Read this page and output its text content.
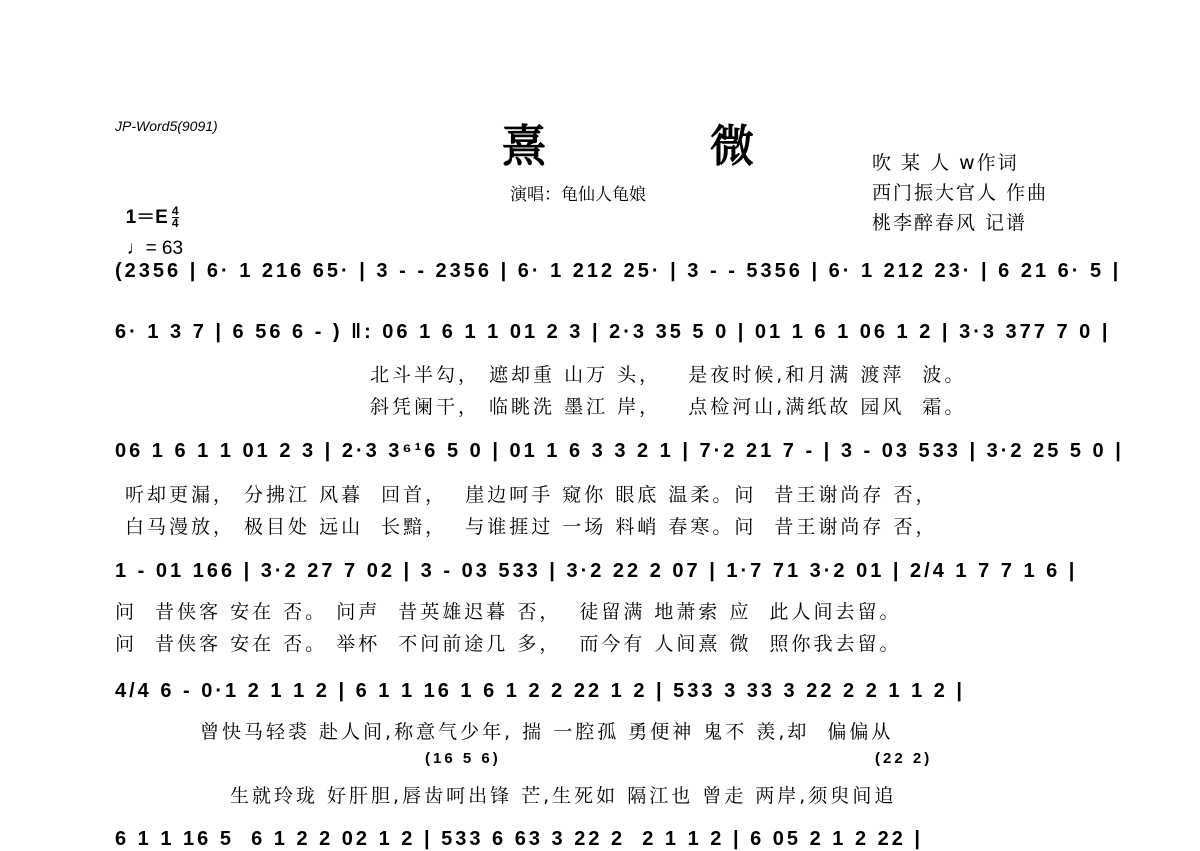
JP-Word5(9091)	熹　微
演唱：龟仙人龟娘
吹 某 人 w作词
西门振大官人 作曲
桃李醉春风 记谱

$1=E \frac{4}{4}$

♩= 63

(2356 | 6· 1 216 65· | 3 - - 2356 | 6· 1 212 25· | 3 - - 5356 | 6· 1 212 23· | 6 21 6· 5 |
6· 1 3 7 | 6 56 6 - ) ‖: 06 1 6 1 1 01 2 3 | 2·3 35 5 0 | 01 1 6 1 06 1 2 | 3·3 377 7 0 |
北斗半勾， 遮却重 山万 头，   是夜时候,和月满 渡萍  波。
斜凭阑干， 临眺洗 墨江 岸，   点检河山,满纸故 园风  霜。
06 1 6 1 1 01 2 3 | 2·3 3⁶¹6 5 0 | 01 1 6 3 3 2 1 | 7·2 21 7 - | 3 - 03 533 | 3·2 25 5 0 |
听却更漏， 分拂江 风暮  回首，  崖边呵手 窥你 眼底 温柔。问  昔王谢尚存 否，
白马漫放， 极目处 远山  长黯，  与谁捱过 一场 料峭 春寒。问  昔王谢尚存 否，
1 - 01 166 | 3·2 27 7 02 | 3 - 03 533 | 3·2 22 2 07 | 1·7 71 3·2 01 | 2/4 1 7 7 1 6 |
问  昔侠客 安在 否。 问声  昔英雄迟暮 否，  徒留满 地萧索 应  此人间去留。
问  昔侠客 安在 否。 举杯  不问前途几 多，  而今有 人间熹 微  照你我去留。
4/4 6 - 0·1 2 1 1 2 | 6 1 1 16 1 6 1 2 2 22 1 2 | 533 3 33 3 22 2 2 1 1 2 |
曾快马轻裘 赴人间,称意气少年, 揣 一腔孤 勇便神 鬼不 羡,却  偏偏从
(16 5 6)	(22 2)
生就玲珑 好肝胆,唇齿呵出锋 芒,生死如 隔江也 曾走 两岸,须臾间追
6 1 1 16 5  6 1 2 2 02 1 2 | 533 6 63 3 22 2  2 1 1 2 | 6 05 2 1 2 22 |
